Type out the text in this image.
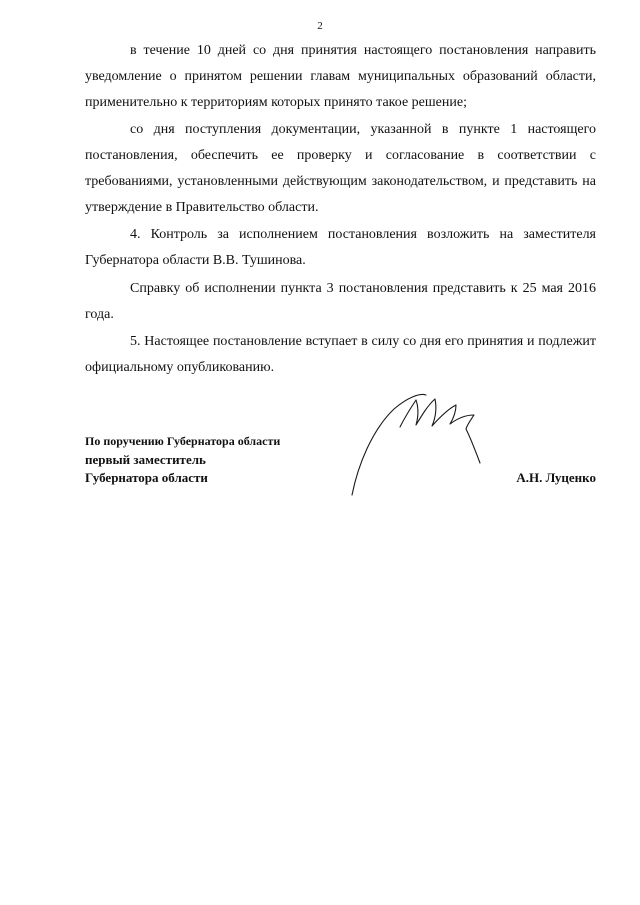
2

в течение 10 дней со дня принятия настоящего постановления направить уведомление о принятом решении главам муниципальных образований области, применительно к территориям которых принято такое решение;

со дня поступления документации, указанной в пункте 1 настоящего постановления, обеспечить ее проверку и согласование в соответствии с требованиями, установленными действующим законодательством, и представить на утверждение в Правительство области.

4. Контроль за исполнением постановления возложить на заместителя Губернатора области В.В. Тушинова.

Справку об исполнении пункта 3 постановления представить к 25 мая 2016 года.

5. Настоящее постановление вступает в силу со дня его принятия и подлежит официальному опубликованию.

По поручению Губернатора области
первый заместитель
Губернатора области	А.Н. Луценко
